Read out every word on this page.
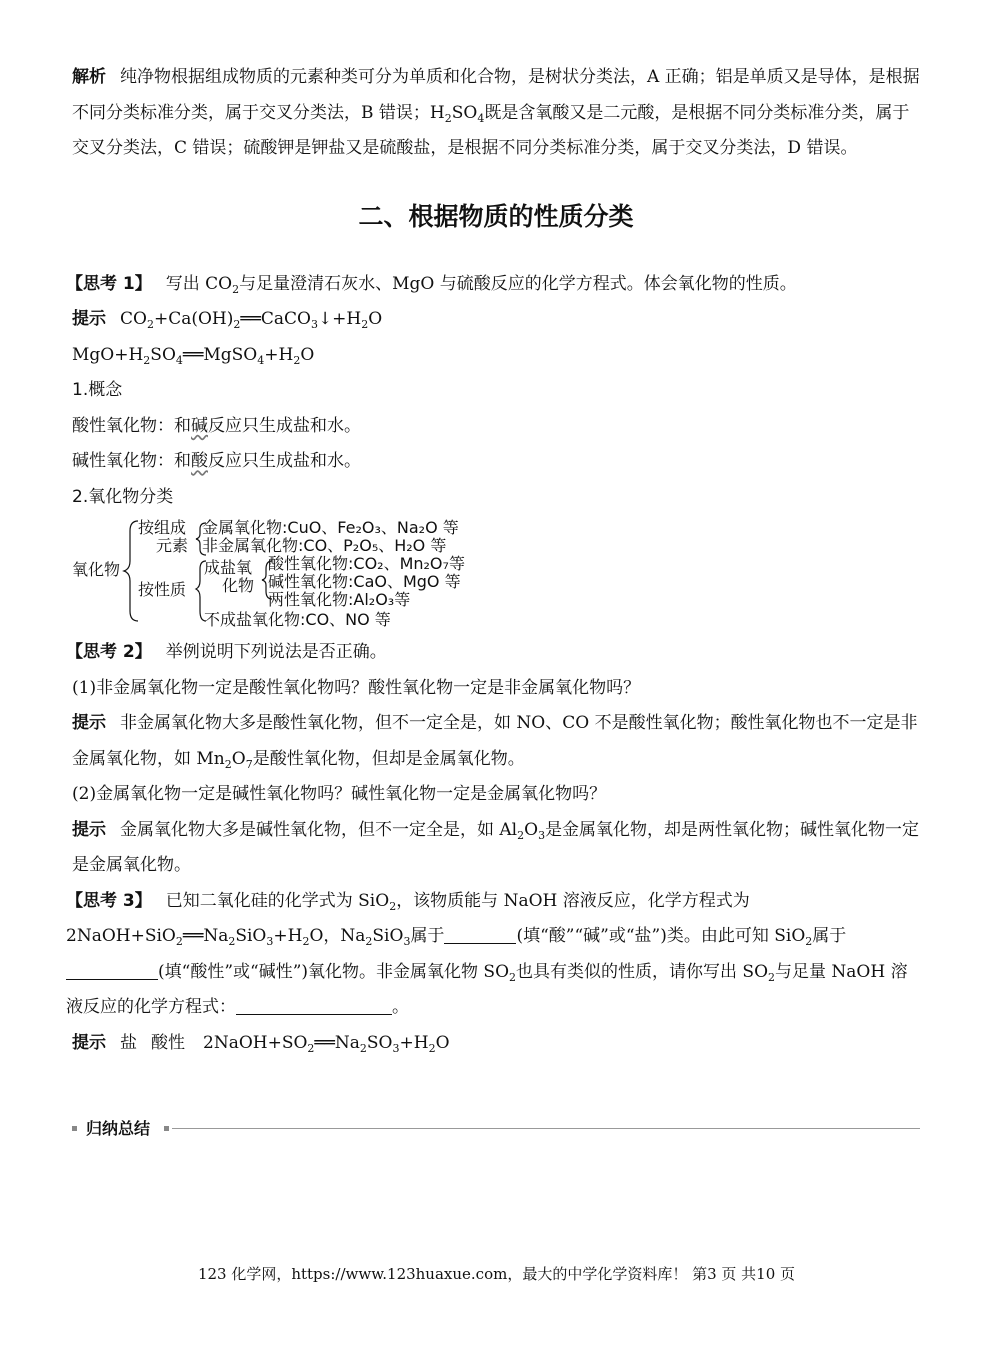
解析 纯净物根据组成物质的元素种类可分为单质和化合物，是树状分类法，A 正确；铝是单质又是导体，是根据不同分类标准分类，属于交叉分类法，B 错误；$H_2SO_4$既是含氧酸又是二元酸，是根据不同分类标准分类，属于交叉分类法，C 错误；硫酸钾是钾盐又是硫酸盐，是根据不同分类标准分类，属于交叉分类法，D 错误。

二、根据物质的性质分类

【思考 1】 写出 $CO_2$与足量澄清石灰水、MgO 与硫酸反应的化学方程式。体会氧化物的性质。

提示 $CO_2+Ca(OH)_2══CaCO_3↓+H_2O$

$MgO+H_2SO_4══MgSO_4+H_2O$

1.概念

酸性氧化物：和碱反应只生成盐和水。

碱性氧化物：和酸反应只生成盐和水。

2.氧化物分类

氧化物
按组成
元素
金属氧化物:CuO、Fe₂O₃、Na₂O 等
非金属氧化物:CO、P₂O₅、H₂O 等
按性质
成盐氧
化物
酸性氧化物:CO₂、Mn₂O₇等
碱性氧化物:CaO、MgO 等
两性氧化物:Al₂O₃等
不成盐氧化物:CO、NO 等

【思考 2】 举例说明下列说法是否正确。

(1)非金属氧化物一定是酸性氧化物吗？酸性氧化物一定是非金属氧化物吗？

提示 非金属氧化物大多是酸性氧化物，但不一定全是，如 NO、CO 不是酸性氧化物；酸性氧化物也不一定是非金属氧化物，如 $Mn_2O_7$是酸性氧化物，但却是金属氧化物。

(2)金属氧化物一定是碱性氧化物吗？碱性氧化物一定是金属氧化物吗？

提示 金属氧化物大多是碱性氧化物，但不一定全是，如 $Al_2O_3$是金属氧化物，却是两性氧化物；碱性氧化物一定是金属氧化物。

【思考 3】 已知二氧化硅的化学式为 SiO$_2$，该物质能与 NaOH 溶液反应，化学方程式为
$2NaOH+SiO_2══Na_2SiO_3+H_2O$，$Na_2SiO_3$属于	(填“酸”“碱”或“盐”)类。由此可知 SiO$_2$属于(填“酸性”或“碱性”)氧化物。非金属氧化物 $SO_2$也具有类似的性质，请你写出 $SO_2$与足量 NaOH 溶液反应的化学方程式：	。

提示 盐 酸性 $2NaOH+SO_2══Na_2SO_3+H_2O$

归纳总结
123 化学网，https://www.123huaxue.com，最大的中学化学资料库！ 第3 页 共10 页
